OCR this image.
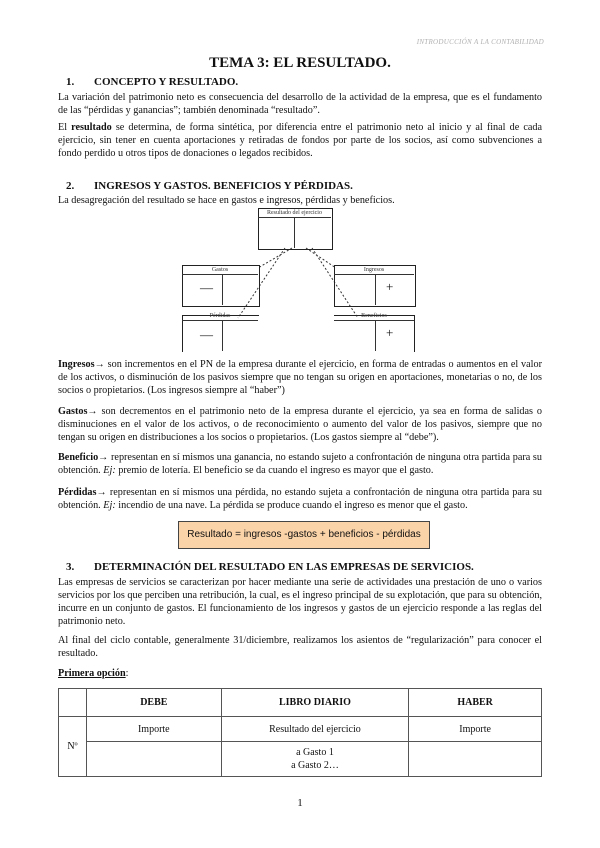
INTRODUCCIÓN A LA CONTABILIDAD
TEMA 3: EL RESULTADO.
1. CONCEPTO Y RESULTADO.
La variación del patrimonio neto es consecuencia del desarrollo de la actividad de la empresa, que es el fundamento de las “pérdidas y ganancias”; también denominada “resultado”.
El resultado se determina, de forma sintética, por diferencia entre el patrimonio neto al inicio y al final de cada ejercicio, sin tener en cuenta aportaciones y retiradas de fondos por parte de los socios, así como subvenciones a fondo perdido u otros tipos de donaciones o legados recibidos.
2. INGRESOS Y GASTOS. BENEFICIOS Y PÉRDIDAS.
La desagregación del resultado se hace en gastos e ingresos, pérdidas y beneficios.
Resultado del ejercicio
Gastos
—
Ingresos
+
Pérdidas
—
Beneficios
+
Ingresos→ son incrementos en el PN de la empresa durante el ejercicio, en forma de entradas o aumentos en el valor de los activos, o disminución de los pasivos siempre que no tengan su origen en aportaciones, monetarias o no, de los socios o propietarios. (Los ingresos siempre al “haber”)
Gastos→ son decrementos en el patrimonio neto de la empresa durante el ejercicio, ya sea en forma de salidas o disminuciones en el valor de los activos, o de reconocimiento o aumento del valor de los pasivos, siempre que no tengan su origen en distribuciones a los socios o propietarios. (Los gastos siempre al “debe”).
Beneficio→ representan en sí mismos una ganancia, no estando sujeto a confrontación de ninguna otra partida para su obtención. Ej: premio de lotería. El beneficio se da cuando el ingreso es mayor que el gasto.
Pérdidas→ representan en sí mismos una pérdida, no estando sujeta a confrontación de ninguna otra partida para su obtención. Ej: incendio de una nave. La pérdida se produce cuando el ingreso es menor que el gasto.
Resultado = ingresos -gastos + beneficios - pérdidas
3. DETERMINACIÓN DEL RESULTADO EN LAS EMPRESAS DE SERVICIOS.
Las empresas de servicios se caracterizan por hacer mediante una serie de actividades una prestación de uno o varios servicios por los que perciben una retribución, la cual, es el ingreso principal de su explotación, que para su obtención, incurre en un conjunto de gastos. El funcionamiento de los ingresos y gastos de un ejercicio responde a las reglas del patrimonio neto.
Al final del ciclo contable, generalmente 31/diciembre, realizamos los asientos de “regularización” para conocer el resultado.
Primera opción:
	DEBE	LIBRO DIARIO	HABER
Nº	Importe	Resultado del ejercicio	Importe

		a Gasto 1
a Gasto 2…	

1
